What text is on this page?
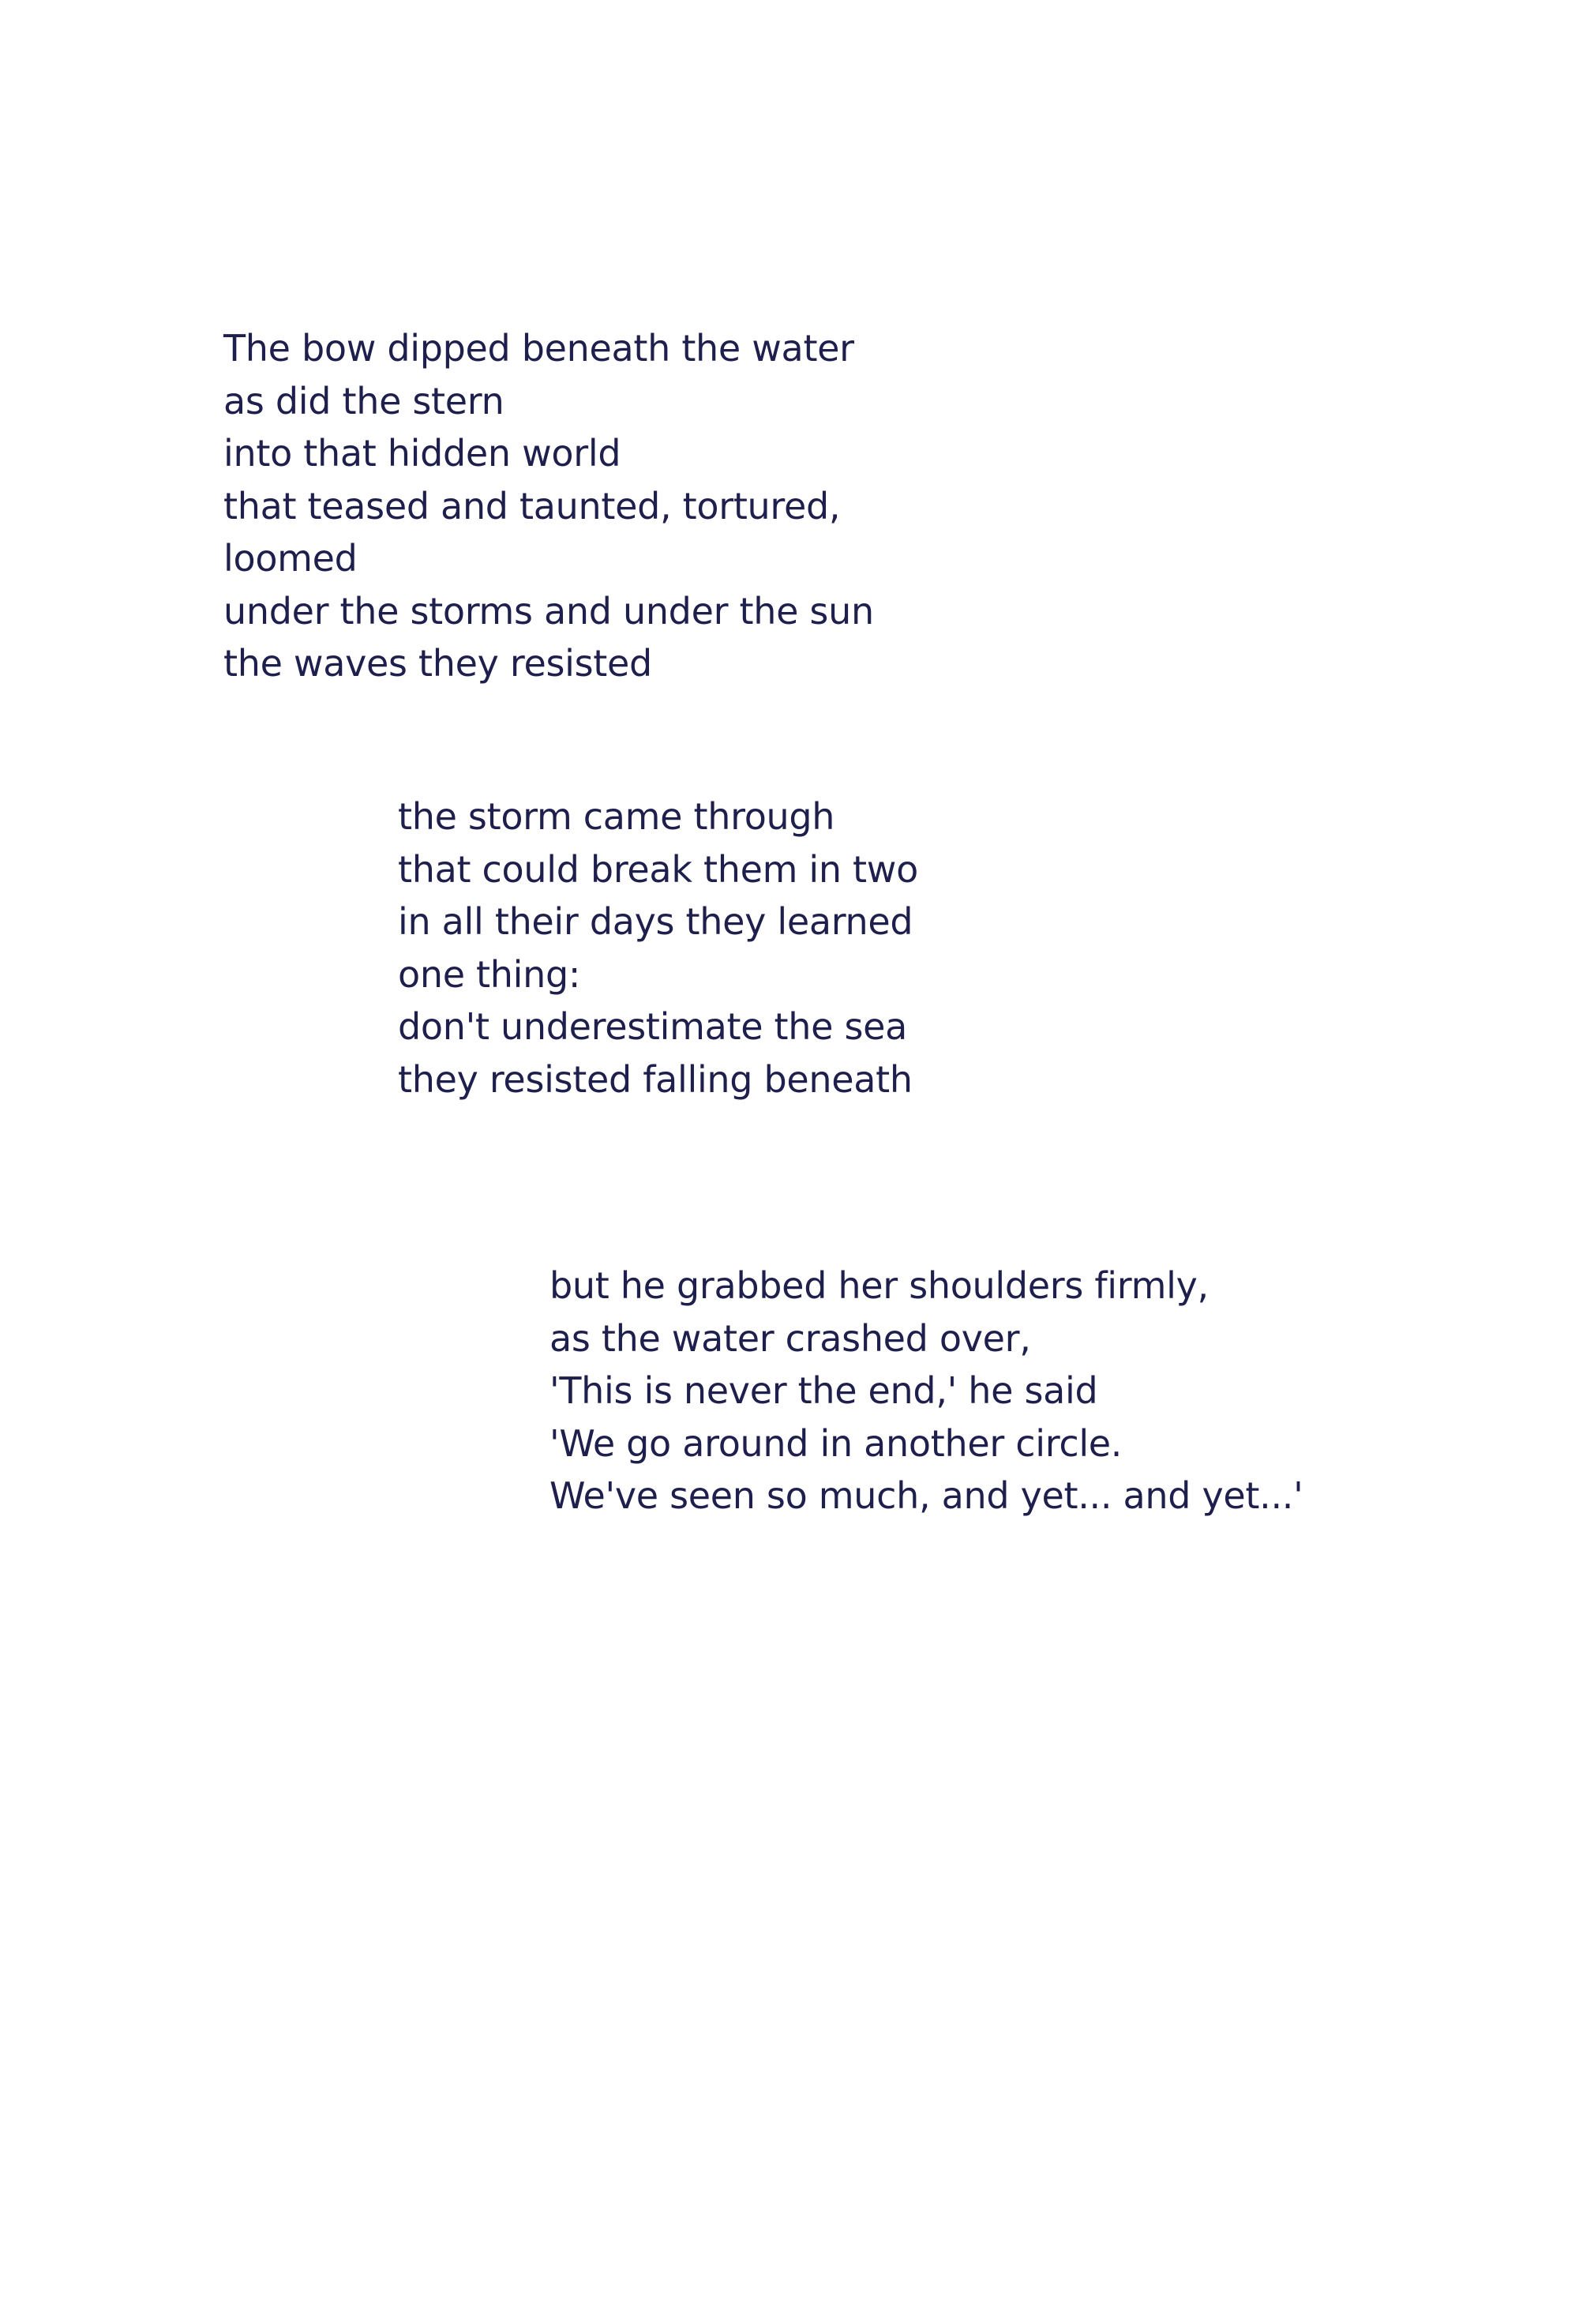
The bow dipped beneath the water
as did the stern
into that hidden world
that teased and taunted, tortured,
loomed
under the storms and under the sun
the waves they resisted
the storm came through
that could break them in two
in all their days they learned
one thing:
don't underestimate the sea
they resisted falling beneath
but he grabbed her shoulders firmly,
as the water crashed over,
'This is never the end,' he said
'We go around in another circle.
We've seen so much, and yet... and yet...'
